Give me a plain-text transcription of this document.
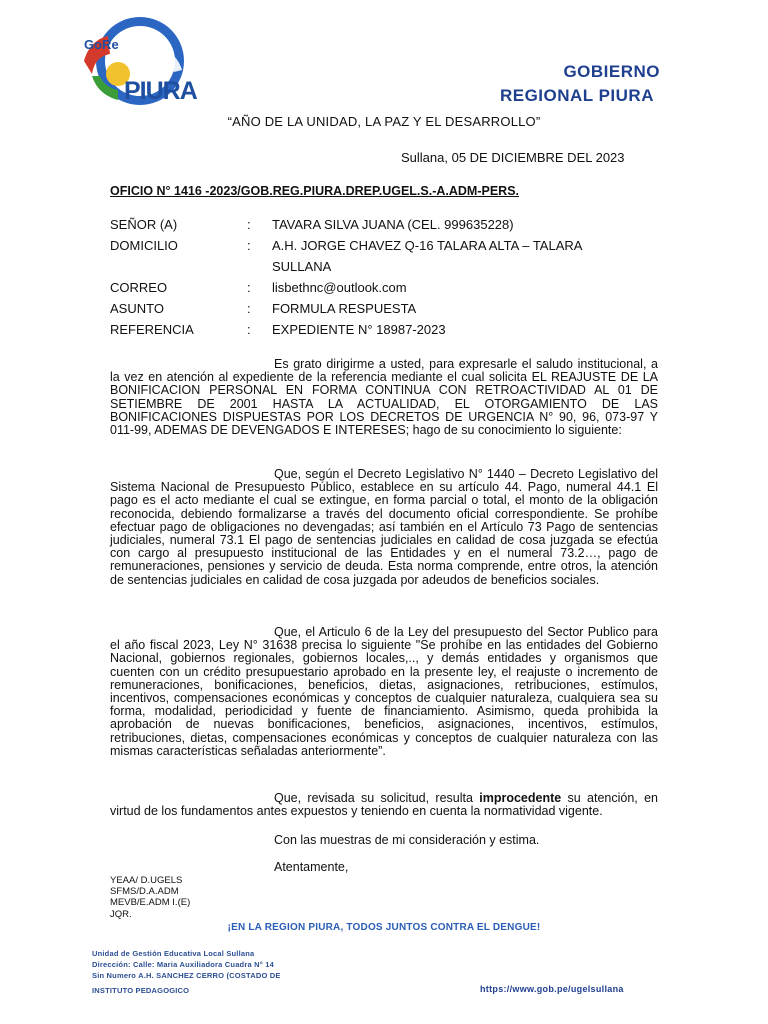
GoRe
PIURA
GOBIERNO
REGIONAL PIURA
“AÑO DE LA UNIDAD, LA PAZ Y EL DESARROLLO”
Sullana, 05 DE DICIEMBRE DEL 2023
OFICIO N° 1416 -2023/GOB.REG.PIURA.DREP.UGEL.S.-A.ADM-PERS.
SEÑOR (A)	: TAVARA SILVA JUANA (CEL. 999635228)
DOMICILIO	: A.H. JORGE CHAVEZ Q-16 TALARA ALTA – TALARA
SULLANA
CORREO	: lisbethnc@outlook.com
ASUNTO	: FORMULA RESPUESTA
REFERENCIA	: EXPEDIENTE N° 18987-2023

Es grato dirigirme a usted, para expresarle el saludo institucional, a la vez en atención al expediente de la referencia mediante el cual solicita EL REAJUSTE DE LA BONIFICACION PERSONAL EN FORMA CONTINUA CON RETROACTIVIDAD AL 01 DE SETIEMBRE DE 2001 HASTA LA ACTUALIDAD, EL OTORGAMIENTO DE LAS BONIFICACIONES DISPUESTAS POR LOS DECRETOS DE URGENCIA N° 90, 96, 073-97 Y 011-99, ADEMAS DE DEVENGADOS E INTERESES; hago de su conocimiento lo siguiente:

Que, según el Decreto Legislativo N° 1440 – Decreto Legislativo del Sistema Nacional de Presupuesto Público, establece en su artículo 44. Pago, numeral 44.1 El pago es el acto mediante el cual se extingue, en forma parcial o total, el monto de la obligación reconocida, debiendo formalizarse a través del documento oficial correspondiente. Se prohíbe efectuar pago de obligaciones no devengadas; así también en el Artículo 73 Pago de sentencias judiciales, numeral 73.1 El pago de sentencias judiciales en calidad de cosa juzgada se efectúa con cargo al presupuesto institucional de las Entidades y en el numeral 73.2…, pago de remuneraciones, pensiones y servicio de deuda. Esta norma comprende, entre otros, la atención de sentencias judiciales en calidad de cosa juzgada por adeudos de beneficios sociales.

Que, el Articulo 6 de la Ley del presupuesto del Sector Publico para el año fiscal 2023, Ley N° 31638 precisa lo siguiente "Se prohíbe en las entidades del Gobierno Nacional, gobiernos regionales, gobiernos locales,.., y demás entidades y organismos que cuenten con un crédito presupuestario aprobado en la presente ley, el reajuste o incremento de remuneraciones, bonificaciones, beneficios, dietas, asignaciones, retribuciones, estímulos, incentivos, compensaciones económicas y conceptos de cualquier naturaleza, cualquiera sea su forma, modalidad, periodicidad y fuente de financiamiento. Asimismo, queda prohibida la aprobación de nuevas bonificaciones, beneficios, asignaciones, incentivos, estímulos, retribuciones, dietas, compensaciones económicas y conceptos de cualquier naturaleza con las mismas características señaladas anteriormente”.

Que, revisada su solicitud, resulta improcedente su atención, en virtud de los fundamentos antes expuestos y teniendo en cuenta la normatividad vigente.

Con las muestras de mi consideración y estima.
Atentamente,
YEAA/ D.UGELS
SFMS/D.A.ADM
MEVB/E.ADM I.(E)
JQR.
¡EN LA REGION PIURA, TODOS JUNTOS CONTRA EL DENGUE!
Unidad de Gestión Educativa Local Sullana
Dirección: Calle: Maria Auxiliadora Cuadra N° 14
Sin Numero A.H. SANCHEZ CERRO (COSTADO DE
INSTITUTO PEDAGOGICO	https://www.gob.pe/ugelsullana
